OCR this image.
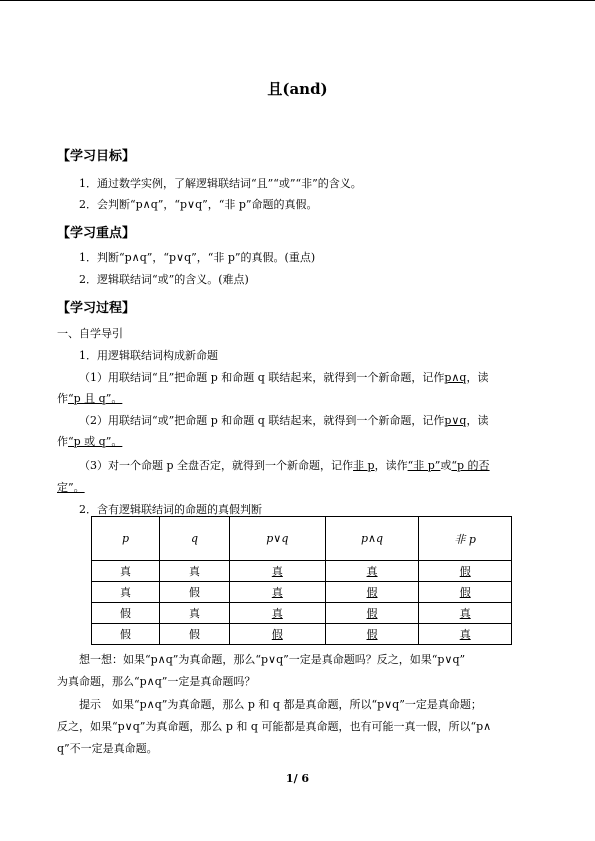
且(and)
【学习目标】
1．通过数学实例，了解逻辑联结词“且”“或”“非”的含义。
2．会判断“p∧q”，“p∨q”，“非 p”命题的真假。
【学习重点】
1．判断“p∧q”，“p∨q”，“非 p”的真假。(重点)
2．逻辑联结词“或”的含义。(难点)
【学习过程】
一、自学导引
1．用逻辑联结词构成新命题
（1）用联结词“且”把命题 p 和命题 q 联结起来，就得到一个新命题，记作p∧q，读
作“p 且 q”。
（2）用联结词“或”把命题 p 和命题 q 联结起来，就得到一个新命题，记作p∨q，读
作“p 或 q”。
（3）对一个命题 p 全盘否定，就得到一个新命题，记作非 p，读作“非 p”或“p 的否
定”。
2．含有逻辑联结词的命题的真假判断
p	q	p∨q	p∧q	非 p
真	真	真	真	假
真	假	真	假	假
假	真	真	假	真
假	假	假	假	真
想一想：如果“p∧q”为真命题，那么“p∨q”一定是真命题吗？反之，如果“p∨q”
为真命题，那么“p∧q”一定是真命题吗？
提示　如果“p∧q”为真命题，那么 p 和 q 都是真命题，所以“p∨q”一定是真命题；
反之，如果“p∨q”为真命题，那么 p 和 q 可能都是真命题，也有可能一真一假，所以“p∧
q”不一定是真命题。
1/ 6
